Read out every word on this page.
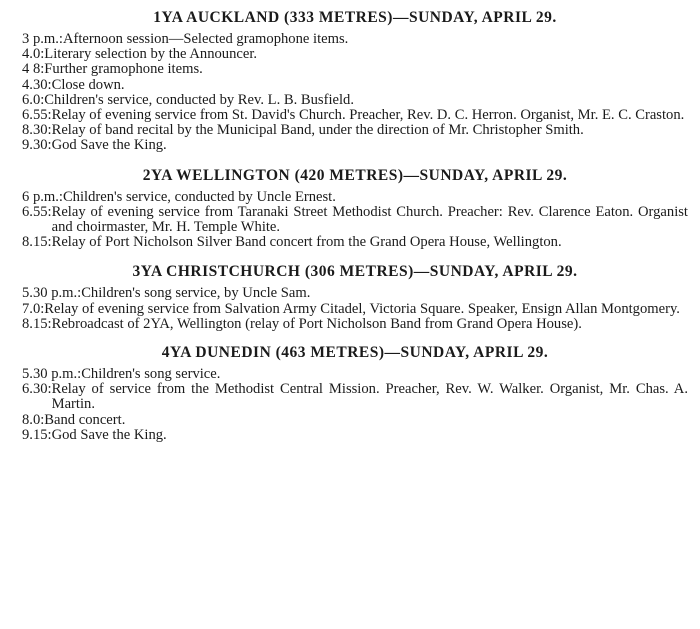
1YA AUCKLAND (333 METRES)—SUNDAY, APRIL 29.
3 p.m.: Afternoon session—Selected gramophone items.
4.0: Literary selection by the Announcer.
4 8: Further gramophone items.
4.30: Close down.
6.0: Children's service, conducted by Rev. L. B. Busfield.
6.55: Relay of evening service from St. David's Church. Preacher, Rev. D. C. Herron. Organist, Mr. E. C. Craston.
8.30: Relay of band recital by the Municipal Band, under the direction of Mr. Christopher Smith.
9.30: God Save the King.
2YA WELLINGTON (420 METRES)—SUNDAY, APRIL 29.
6 p.m.: Children's service, conducted by Uncle Ernest.
6.55: Relay of evening service from Taranaki Street Methodist Church. Preacher: Rev. Clarence Eaton. Organist and choirmaster, Mr. H. Temple White.
8.15: Relay of Port Nicholson Silver Band concert from the Grand Opera House, Wellington.
3YA CHRISTCHURCH (306 METRES)—SUNDAY, APRIL 29.
5.30 p.m.: Children's song service, by Uncle Sam.
7.0: Relay of evening service from Salvation Army Citadel, Victoria Square. Speaker, Ensign Allan Montgomery.
8.15: Rebroadcast of 2YA, Wellington (relay of Port Nicholson Band from Grand Opera House).
4YA DUNEDIN (463 METRES)—SUNDAY, APRIL 29.
5.30 p.m.: Children's song service.
6.30: Relay of service from the Methodist Central Mission. Preacher, Rev. W. Walker. Organist, Mr. Chas. A. Martin.
8.0: Band concert.
9.15: God Save the King.
